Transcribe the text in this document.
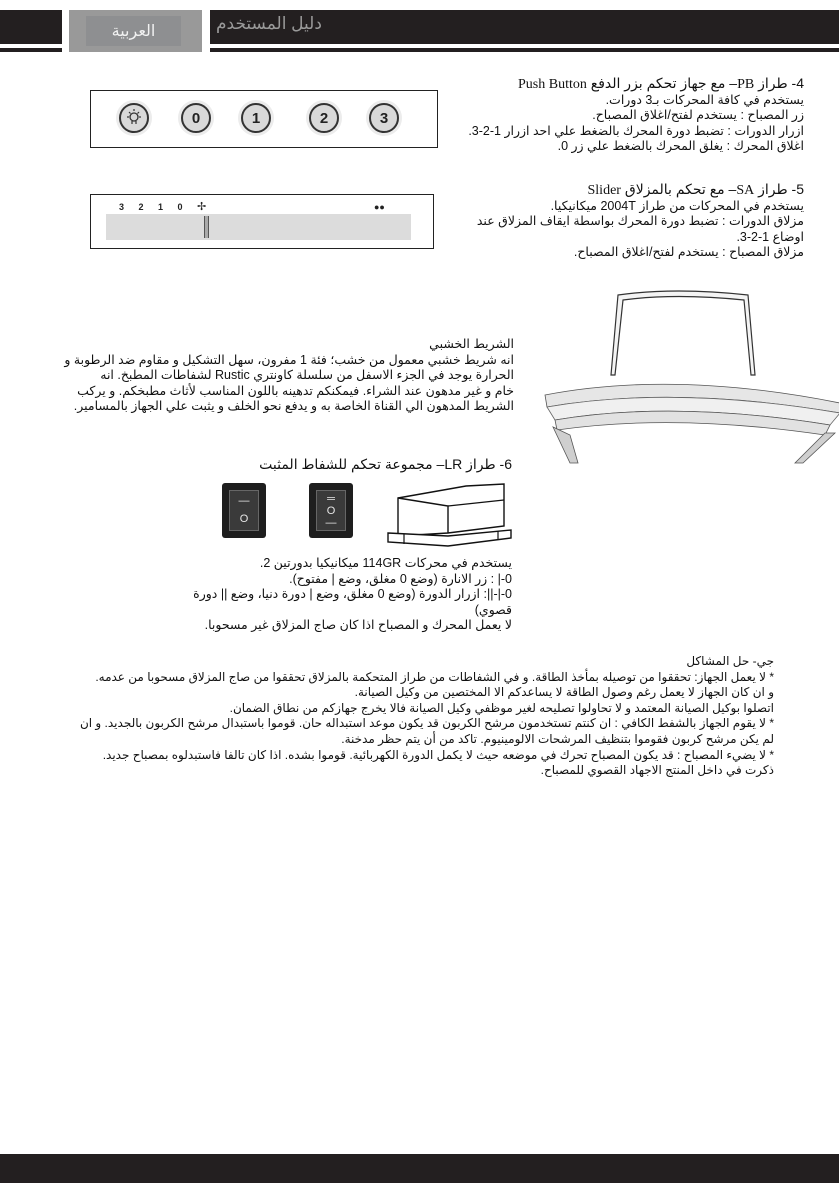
العربية	دليل المستخدم
0	1	2	3

4- طراز PB– مع جهاز تحكم بزر الدفع Push Button

يستخدم في كافة المحركات بـ3 دورات.

زر المصباح : يستخدم لفتح/اغلاق المصباح.

ازرار الدورات : تضبط دورة المحرك بالضغط علي احد ازرار 1-2-3.

اغلاق المحرك : يغلق المحرك بالضغط علي زر 0.

3 2 1 0 ✢	●●

5- طراز SA– مع تحكم بالمزلاق Slider

يستخدم في المحركات من طراز 2004T ميكانيكيا.

مزلاق الدورات : تضبط دورة المحرك بواسطة ايقاف المزلاق عند

اوضاع 1-2-3.

مزلاق المصباح : يستخدم لفتح/اغلاق المصباح.

الشريط الخشبي

انه شريط خشبي معمول من خشب؛ فئة 1 مفرون، سهل التشكيل و مقاوم ضد الرطوبة و

الحرارة يوجد في الجزء الاسفل من سلسلة كاونتري Rustic لشفاطات المطبخ. انه

خام و غير مدهون عند الشراء. فيمكنكم تدهينه باللون المناسب لأثاث مطبخكم. و يركب

الشريط المدهون الي القناة الخاصة به و يدفع نحو الخلف و يثبت علي الجهاز بالمسامير.

6- طراز LR– مجموعة تحكم للشفاط المثبت
—
O
═
O
—

يستخدم في محركات 114GR ميكانيكيا بدورتين 2.

0-| : زر الانارة (وضع 0 مغلق، وضع | مفتوح).

0-|-||: ازرار الدورة (وضع 0 مغلق، وضع | دورة دنيا، وضع || دورة قصوي)

لا يعمل المحرك و المصباح اذا كان صاج المزلاق غير مسحوبا.

جي- حل المشاكل

* لا يعمل الجهاز: تحققوا من توصيله بمأخذ الطاقة. و في الشفاطات من طراز المتحكمة بالمزلاق تحققوا من صاج المزلاق مسحوبا من عدمه.

و ان كان الجهاز لا يعمل رغم وصول الطاقة لا يساعدكم الا المختصين من وكيل الصيانة.

اتصلوا بوكيل الصيانة المعتمد و لا تحاولوا تصليحه لغير موظفي وكيل الصيانة فالا يخرج جهازكم من نطاق الضمان.

* لا يقوم الجهاز بالشفط الكافي : ان كنتم تستخدمون مرشح الكربون قد يكون موعد استبداله حان. قوموا باستبدال مرشح الكربون بالجديد. و ان

لم يكن مرشح كربون فقوموا بتنظيف المرشحات الالومينيوم. تاكد من أن يتم حظر مدخنة.

* لا يضيء المصباح : قد يكون المصباح تحرك في موضعه حيث لا يكمل الدورة الكهربائية. قوموا بشده. اذا كان تالفا فاستبدلوه بمصباح جديد.

ذكرت في داخل المنتج الاجهاد القصوي للمصباح.
